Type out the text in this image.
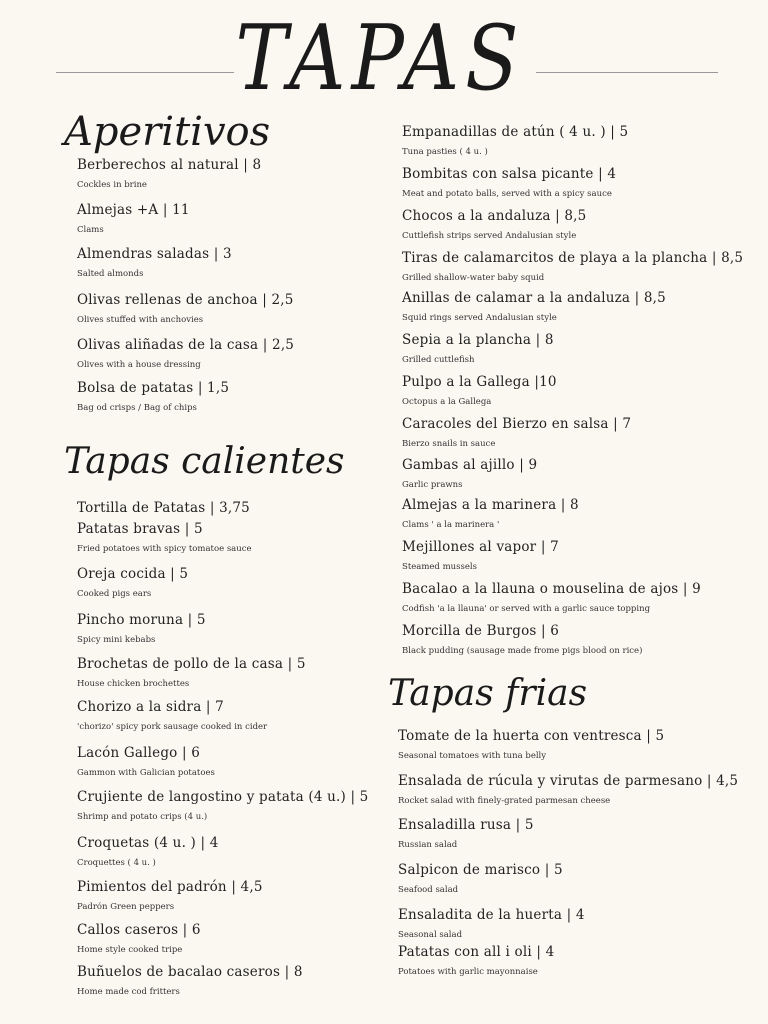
TAPAS
Aperitivos
Tapas calientes
Tapas frias
Berberechos al natural | 8
Cockles in brine
Almejas +A | 11
Clams
Almendras saladas | 3
Salted almonds
Olivas rellenas de anchoa | 2,5
Olives stuffed with anchovies
Olivas aliñadas de la casa | 2,5
Olives with a house dressing
Bolsa de patatas | 1,5
Bag od crisps / Bag of chips
Tortilla de Patatas | 3,75
Patatas bravas | 5
Fried potatoes with spicy tomatoe sauce
Oreja cocida | 5
Cooked pigs ears
Pincho moruna | 5
Spicy mini kebabs
Brochetas de pollo de la casa | 5
House chicken brochettes
Chorizo a la sidra | 7
'chorizo' spicy pork sausage cooked in cider
Lacón Gallego | 6
Gammon with Galician potatoes
Crujiente de langostino y patata (4 u.) | 5
Shrimp and potato crips (4 u.)
Croquetas (4 u. ) | 4
Croquettes ( 4 u. )
Pimientos del padrón | 4,5
Padrón Green peppers
Callos caseros | 6
Home style cooked tripe
Buñuelos de bacalao caseros | 8
Home made cod fritters
Empanadillas de atún ( 4 u. ) | 5
Tuna pasties ( 4 u. )
Bombitas con salsa picante | 4
Meat and potato balls, served with a spicy sauce
Chocos a la andaluza | 8,5
Cuttlefish strips served Andalusian style
Tiras de calamarcitos de playa a la plancha | 8,5
Grilled shallow-water baby squid
Anillas de calamar a la andaluza | 8,5
Squid rings served Andalusian style
Sepia a la plancha | 8
Grilled cuttlefish
Pulpo a la Gallega |10
Octopus a la Gallega
Caracoles del Bierzo en salsa | 7
Bierzo snails in sauce
Gambas al ajillo | 9
Garlic prawns
Almejas a la marinera | 8
Clams ' a la marinera '
Mejillones al vapor | 7
Steamed mussels
Bacalao a la llauna o mouselina de ajos | 9
Codfish 'a la llauna' or served with a garlic sauce topping
Morcilla de Burgos | 6
Black pudding (sausage made frome pigs blood on rice)
Tomate de la huerta con ventresca | 5
Seasonal tomatoes with tuna belly
Ensalada de rúcula y virutas de parmesano | 4,5
Rocket salad with finely-grated parmesan cheese
Ensaladilla rusa | 5
Russian salad
Salpicon de marisco | 5
Seafood salad
Ensaladita de la huerta | 4
Seasonal salad
Patatas con all i oli | 4
Potatoes with garlic mayonnaise
